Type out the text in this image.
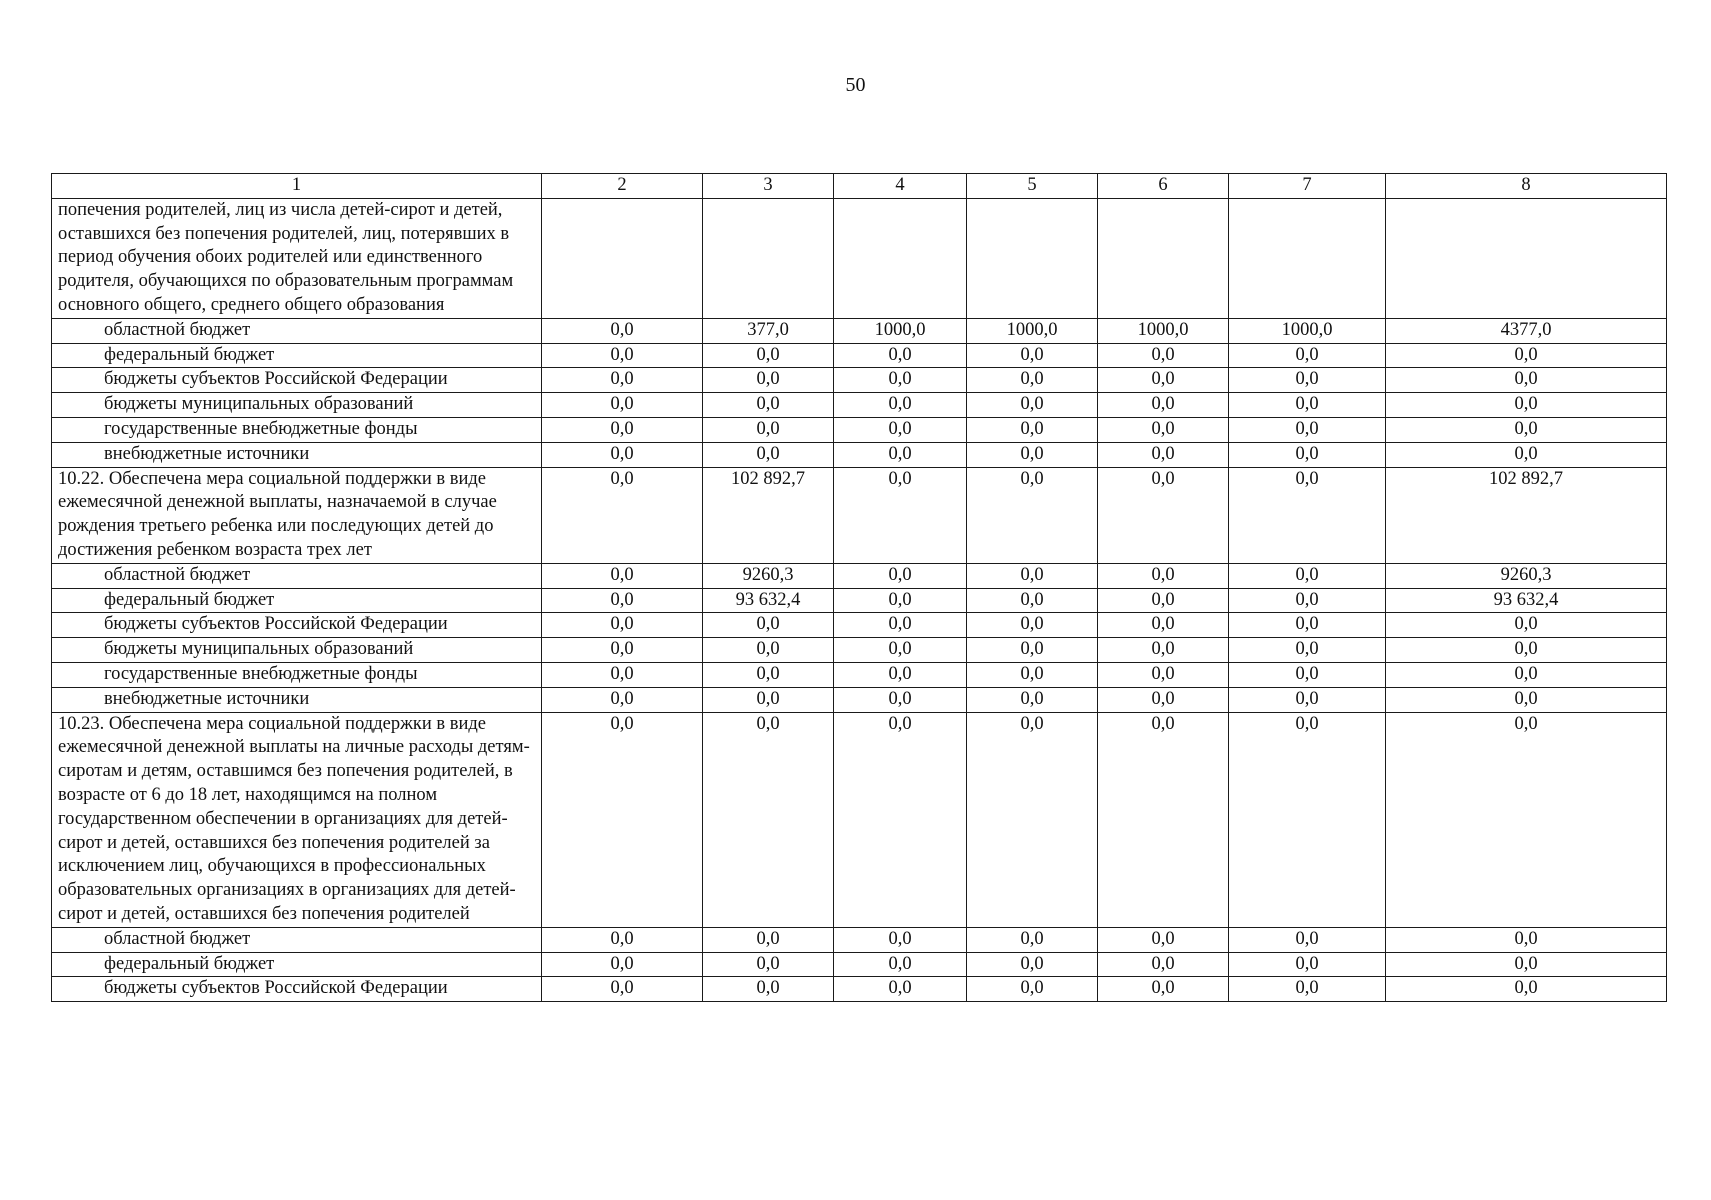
50
1	2	3	4	5	6	7	8
попечения родителей, лиц из числа детей-сирот и детей, оставшихся без попечения родителей, лиц, потерявших в период обучения обоих родителей или единственного родителя, обучающихся по образовательным программам основного общего, среднего общего образования							
областной бюджет	0,0	377,0	1000,0	1000,0	1000,0	1000,0	4377,0
федеральный бюджет	0,0	0,0	0,0	0,0	0,0	0,0	0,0
бюджеты субъектов Российской Федерации	0,0	0,0	0,0	0,0	0,0	0,0	0,0
бюджеты муниципальных образований	0,0	0,0	0,0	0,0	0,0	0,0	0,0
государственные внебюджетные фонды	0,0	0,0	0,0	0,0	0,0	0,0	0,0
внебюджетные источники	0,0	0,0	0,0	0,0	0,0	0,0	0,0
10.22. Обеспечена мера социальной поддержки в виде ежемесячной денежной выплаты, назначаемой в случае рождения третьего ребенка или последующих детей до достижения ребенком возраста трех лет	0,0	102 892,7	0,0	0,0	0,0	0,0	102 892,7
областной бюджет	0,0	9260,3	0,0	0,0	0,0	0,0	9260,3
федеральный бюджет	0,0	93 632,4	0,0	0,0	0,0	0,0	93 632,4
бюджеты субъектов Российской Федерации	0,0	0,0	0,0	0,0	0,0	0,0	0,0
бюджеты муниципальных образований	0,0	0,0	0,0	0,0	0,0	0,0	0,0
государственные внебюджетные фонды	0,0	0,0	0,0	0,0	0,0	0,0	0,0
внебюджетные источники	0,0	0,0	0,0	0,0	0,0	0,0	0,0
10.23. Обеспечена мера социальной поддержки в виде ежемесячной денежной выплаты на личные расходы детям-сиротам и детям, оставшимся без попечения родителей, в возрасте от 6 до 18 лет, находящимся на полном государственном обеспечении в организациях для детей-сирот и детей, оставшихся без попечения родителей за исключением лиц, обучающихся в профессиональных образовательных организациях в организациях для детей-сирот и детей, оставшихся без попечения родителей	0,0	0,0	0,0	0,0	0,0	0,0	0,0
областной бюджет	0,0	0,0	0,0	0,0	0,0	0,0	0,0
федеральный бюджет	0,0	0,0	0,0	0,0	0,0	0,0	0,0
бюджеты субъектов Российской Федерации	0,0	0,0	0,0	0,0	0,0	0,0	0,0
